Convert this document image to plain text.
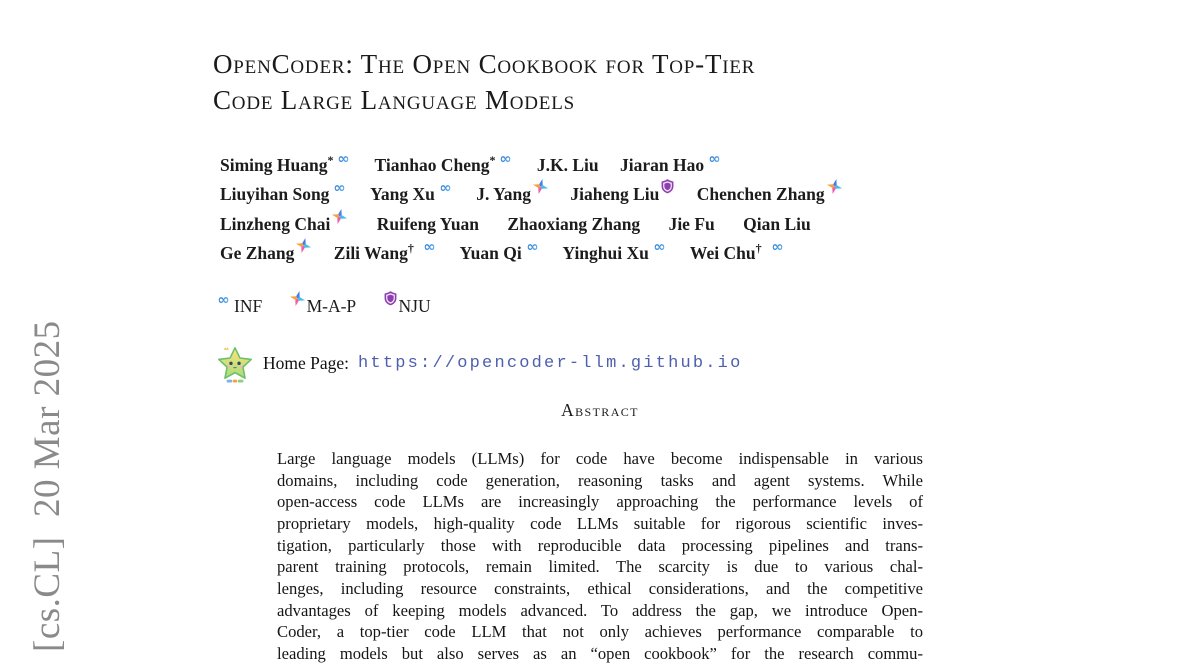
[cs.CL]  20 Mar 2025
OpenCoder: The Open Cookbook for Top-Tier
Code Large Language Models
Siming Huang* Tianhao Cheng* J.K. Liu Jiaran Hao
Liuyihan Song Yang Xu J. Yang Jiaheng Liu Chenchen Zhang
Linzheng Chai	Ruifeng Yuan Zhaoxiang Zhang Jie Fu Qian Liu
Ge Zhang Zili Wang†	Yuan Qi Yinghui Xu Wei Chu†
INF	M-A-P NJU
Home Page: https://opencoder-llm.github.io
Abstract
Large language models (LLMs) for code have become indispensable in various
domains, including code generation, reasoning tasks and agent systems. While
open-access code LLMs are increasingly approaching the performance levels of
proprietary models, high-quality code LLMs suitable for rigorous scientific inves-
tigation, particularly those with reproducible data processing pipelines and trans-
parent training protocols, remain limited. The scarcity is due to various chal-
lenges, including resource constraints, ethical considerations, and the competitive
advantages of keeping models advanced. To address the gap, we introduce Open-
Coder, a top-tier code LLM that not only achieves performance comparable to
leading models but also serves as an “open cookbook” for the research commu-
